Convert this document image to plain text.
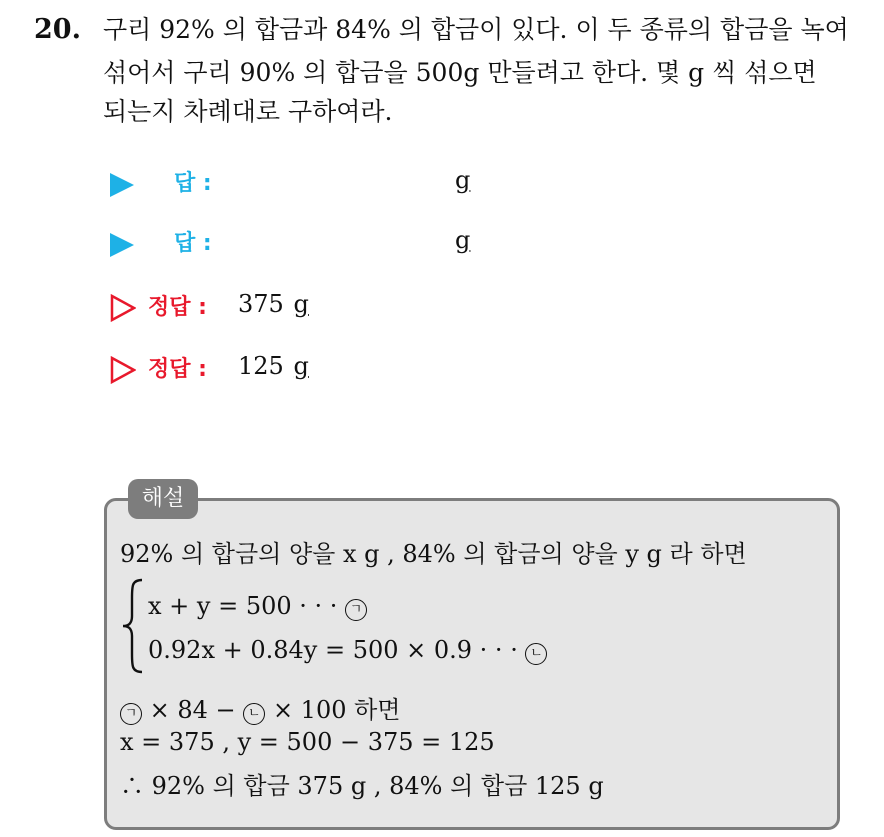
20. 구리 92% 의 합금과 84% 의 합금이 있다. 이 두 종류의 합금을 녹여
섞어서 구리 90% 의 합금을 500g 만들려고 한다. 몇 g 씩 섞으면
되는지 차례대로 구하여라.
답 :	g
답 :	g
정답 : 375 g
정답 : 125 g
해설
92% 의 합금의 양을 x g , 84% 의 합금의 양을 y g 라 하면
x + y = 500 · · · ㄱ
0.92x + 0.84y = 500 × 0.9 · · · ㄴ
ㄱ × 84 − ㄴ × 100 하면
x = 375 , y = 500 − 375 = 125
∴ 92% 의 합금 375 g , 84% 의 합금 125 g
